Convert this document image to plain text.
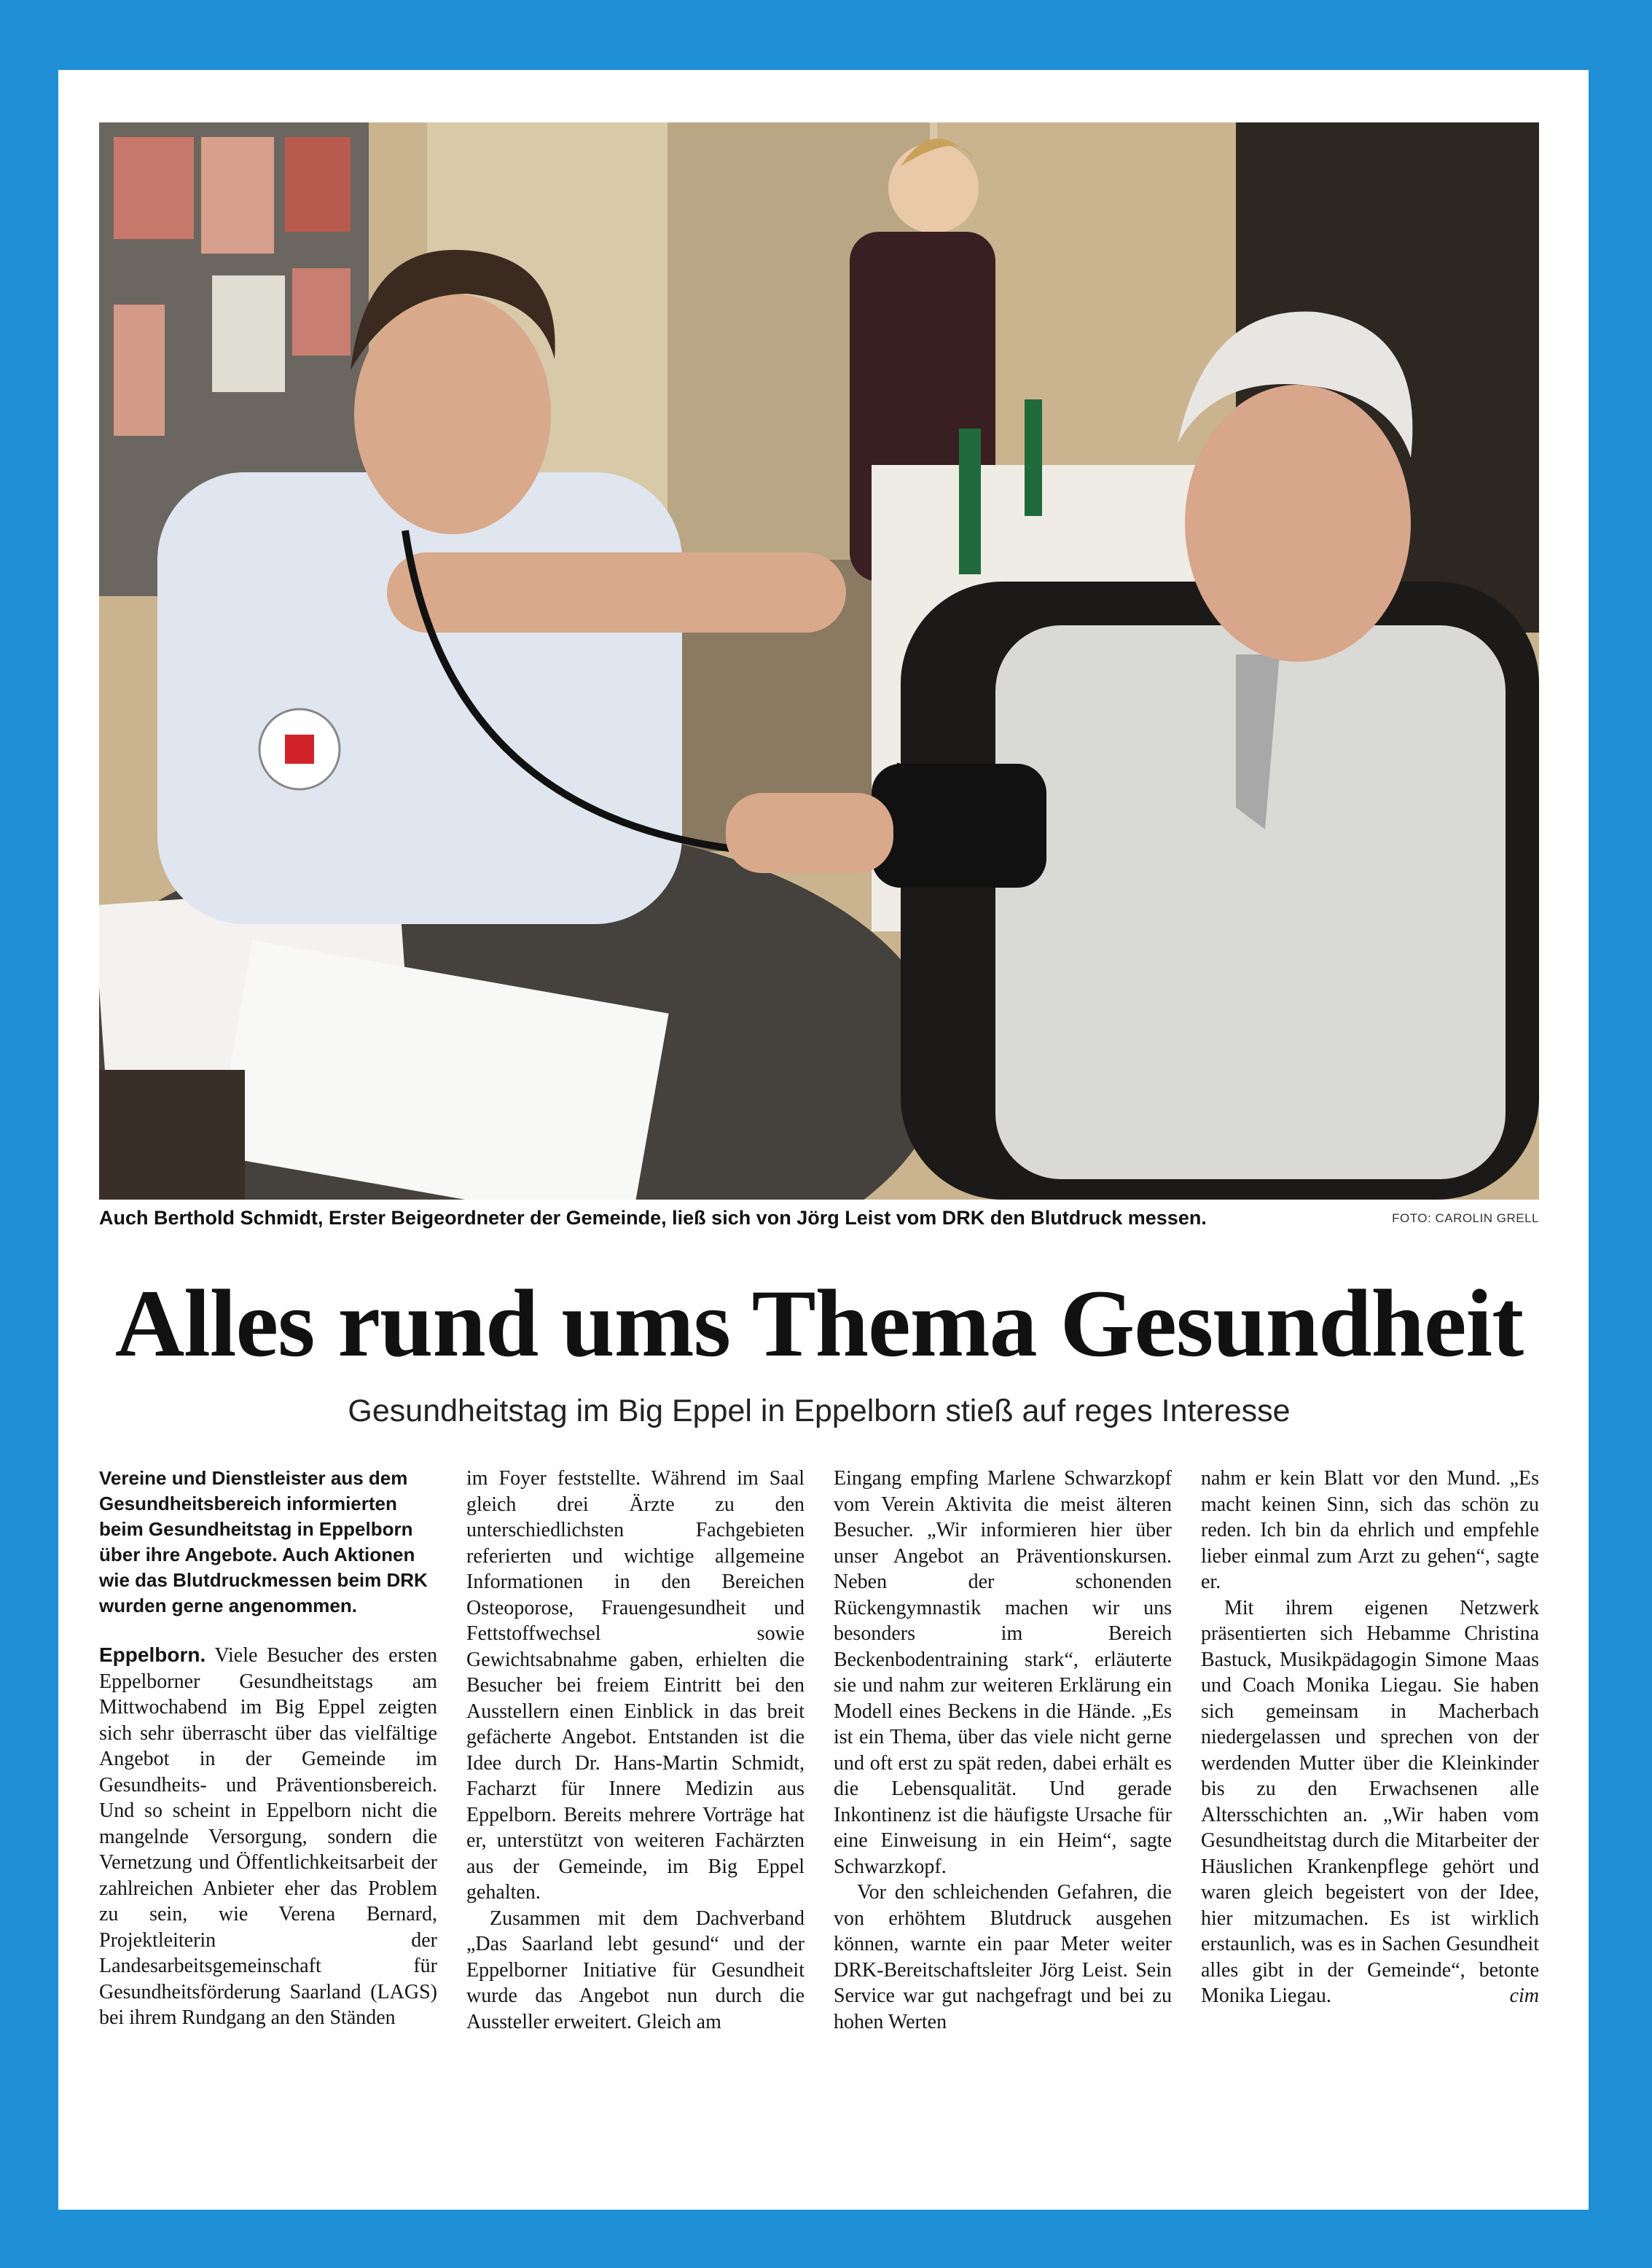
Auch Berthold Schmidt, Erster Beigeordneter der Gemeinde, ließ sich von Jörg Leist vom DRK den Blutdruck messen.	FOTO: CAROLIN GRELL
Alles rund ums Thema Gesundheit
Gesundheitstag im Big Eppel in Eppelborn stieß auf reges Interesse

Vereine und Dienstleister aus dem Gesundheitsbereich informierten beim Gesundheitstag in Eppelborn über ihre Angebote. Auch Aktionen wie das Blutdruckmessen beim DRK wurden gerne angenommen.

Eppelborn. Viele Besucher des ersten Eppelborner Gesundheitstags am Mittwochabend im Big Eppel zeigten sich sehr überrascht über das vielfältige Angebot in der Gemeinde im Gesundheits- und Präventionsbereich. Und so scheint in Eppelborn nicht die mangelnde Versorgung, sondern die Vernetzung und Öffentlichkeitsarbeit der zahlreichen Anbieter eher das Problem zu sein, wie Verena Bernard, Projektleiterin der Landesarbeitsgemeinschaft für Gesundheitsförderung Saarland (LAGS) bei ihrem Rundgang an den Ständen

im Foyer feststellte. Während im Saal gleich drei Ärzte zu den unterschiedlichsten Fachgebieten referierten und wichtige allgemeine Informationen in den Bereichen Osteoporose, Frauengesundheit und Fettstoffwechsel sowie Gewichtsabnahme gaben, erhielten die Besucher bei freiem Eintritt bei den Ausstellern einen Einblick in das breit gefächerte Angebot. Entstanden ist die Idee durch Dr. Hans-Martin Schmidt, Facharzt für Innere Medizin aus Eppelborn. Bereits mehrere Vorträge hat er, unterstützt von weiteren Fachärzten aus der Gemeinde, im Big Eppel gehalten.

Zusammen mit dem Dachverband „Das Saarland lebt gesund“ und der Eppelborner Initiative für Gesundheit wurde das Angebot nun durch die Aussteller erweitert. Gleich am

Eingang empfing Marlene Schwarzkopf vom Verein Aktivita die meist älteren Besucher. „Wir informieren hier über unser Angebot an Präventionskursen. Neben der schonenden Rückengymnastik machen wir uns besonders im Bereich Beckenbodentraining stark“, erläuterte sie und nahm zur weiteren Erklärung ein Modell eines Beckens in die Hände. „Es ist ein Thema, über das viele nicht gerne und oft erst zu spät reden, dabei erhält es die Lebensqualität. Und gerade Inkontinenz ist die häufigste Ursache für eine Einweisung in ein Heim“, sagte Schwarzkopf.

Vor den schleichenden Gefahren, die von erhöhtem Blutdruck ausgehen können, warnte ein paar Meter weiter DRK-Bereitschaftsleiter Jörg Leist. Sein Service war gut nachgefragt und bei zu hohen Werten

nahm er kein Blatt vor den Mund. „Es macht keinen Sinn, sich das schön zu reden. Ich bin da ehrlich und empfehle lieber einmal zum Arzt zu gehen“, sagte er.

Mit ihrem eigenen Netzwerk präsentierten sich Hebamme Christina Bastuck, Musikpädagogin Simone Maas und Coach Monika Liegau. Sie haben sich gemeinsam in Macherbach niedergelassen und sprechen von der werdenden Mutter über die Kleinkinder bis zu den Erwachsenen alle Altersschichten an. „Wir haben vom Gesundheitstag durch die Mitarbeiter der Häuslichen Krankenpflege gehört und waren gleich begeistert von der Idee, hier mitzumachen. Es ist wirklich erstaunlich, was es in Sachen Gesundheit alles gibt in der Gemeinde“, betonte Monika Liegau.	cim
